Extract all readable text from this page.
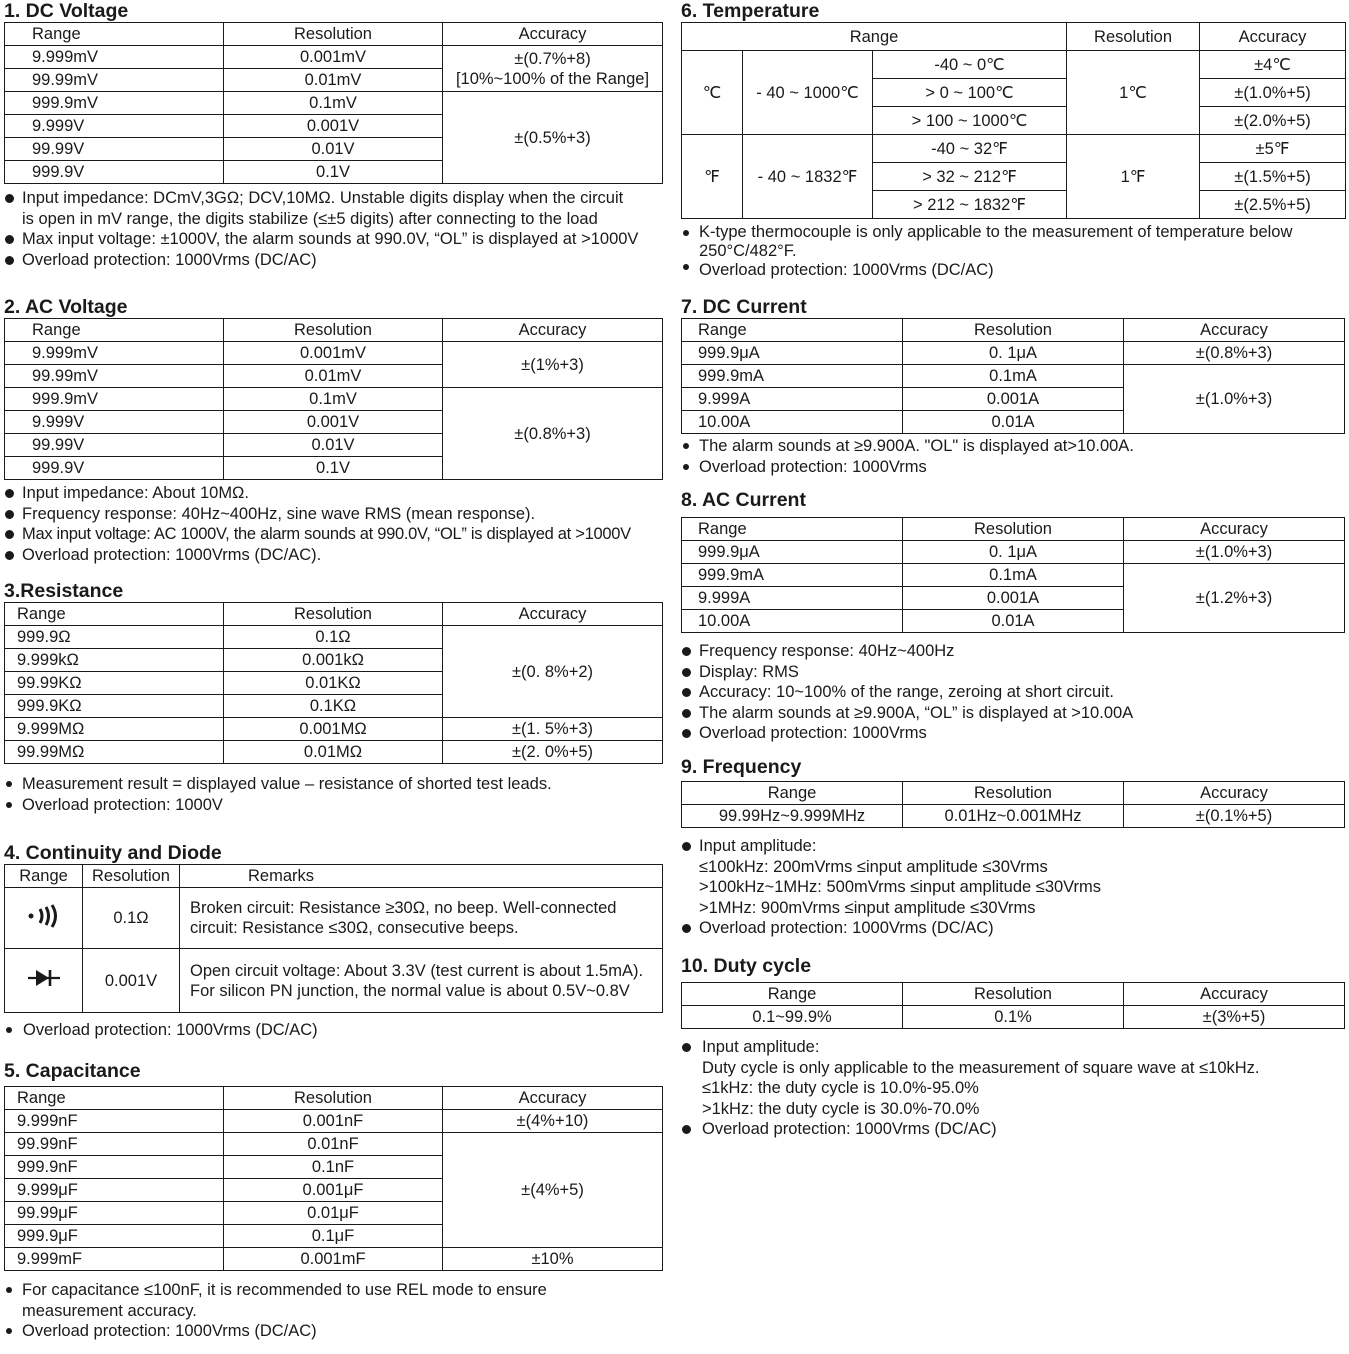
1. DC Voltage
Range	Resolution	Accuracy
9.999mV	0.001mV	±(0.7%+8)
[10%~100% of the Range]

99.99mV	0.01mV	
999.9mV	0.1mV	±(0.5%+3)
9.999V	0.001V	
99.99V	0.01V	
999.9V	0.1V	
Input impedance: DCmV,3GΩ; DCV,10MΩ. Unstable digits display when the circuit
is open in mV range, the digits stabilize (≤±5 digits) after connecting to the load
Max input voltage: ±1000V, the alarm sounds at 990.0V, “OL” is displayed at >1000V
Overload protection: 1000Vrms (DC/AC)
2. AC Voltage
Range	Resolution	Accuracy
9.999mV	0.001mV	±(1%+3)
99.99mV	0.01mV	
999.9mV	0.1mV	±(0.8%+3)
9.999V	0.001V	
99.99V	0.01V	
999.9V	0.1V	
Input impedance: About 10MΩ.
Frequency response: 40Hz~400Hz, sine wave RMS (mean response).
Max input voltage: AC 1000V, the alarm sounds at 990.0V, “OL” is displayed at >1000V
Overload protection: 1000Vrms (DC/AC).
3.Resistance
Range	Resolution	Accuracy
999.9Ω	0.1Ω	±(0. 8%+2)
9.999kΩ	0.001kΩ	
99.99KΩ	0.01KΩ	
999.9KΩ	0.1KΩ	
9.999MΩ	0.001MΩ	±(1. 5%+3)
99.99MΩ	0.01MΩ	±(2. 0%+5)
Measurement result = displayed value – resistance of shorted test leads.
Overload protection: 1000V
4. Continuity and Diode
Range	Resolution	Remarks
	0.1Ω	Broken circuit: Resistance ≥30Ω, no beep. Well-connected
circuit: Resistance ≤30Ω, consecutive beeps.

	0.001V	Open circuit voltage: About 3.3V (test current is about 1.5mA).
For silicon PN junction, the normal value is about 0.5V~0.8V
Overload protection: 1000Vrms (DC/AC)
5. Capacitance
Range	Resolution	Accuracy
9.999nF	0.001nF	±(4%+10)
99.99nF	0.01nF	±(4%+5)
999.9nF	0.1nF	
9.999μF	0.001μF	
99.99μF	0.01μF	
999.9μF	0.1μF	
9.999mF	0.001mF	±10%
For capacitance ≤100nF, it is recommended to use REL mode to ensure
measurement accuracy.
Overload protection: 1000Vrms (DC/AC)
6. Temperature
Range			Resolution	Accuracy
℃	- 40 ~ 1000℃	-40 ~ 0℃	1℃	±4℃
		> 0 ~ 100℃		±(1.0%+5)
		> 100 ~ 1000℃		±(2.0%+5)
℉	- 40 ~ 1832℉	-40 ~ 32℉	1℉	±5℉
		> 32 ~ 212℉		±(1.5%+5)
		> 212 ~ 1832℉		±(2.5%+5)
K-type thermocouple is only applicable to the measurement of temperature below
250°C/482°F.
Overload protection: 1000Vrms (DC/AC)
7. DC Current
Range	Resolution	Accuracy
999.9μA	0. 1μA	±(0.8%+3)
999.9mA	0.1mA	±(1.0%+3)
9.999A	0.001A	
10.00A	0.01A	
The alarm sounds at ≥9.900A. "OL" is displayed at>10.00A.
Overload protection: 1000Vrms
8. AC Current
Range	Resolution	Accuracy
999.9μA	0. 1μA	±(1.0%+3)
999.9mA	0.1mA	±(1.2%+3)
9.999A	0.001A	
10.00A	0.01A	
Frequency response: 40Hz~400Hz
Display: RMS
Accuracy: 10~100% of the range, zeroing at short circuit.
The alarm sounds at ≥9.900A, “OL” is displayed at >10.00A
Overload protection: 1000Vrms
9. Frequency
Range	Resolution	Accuracy
99.99Hz~9.999MHz	0.01Hz~0.001MHz	±(0.1%+5)
Input amplitude:
≤100kHz: 200mVrms ≤input amplitude ≤30Vrms
>100kHz~1MHz: 500mVrms ≤input amplitude ≤30Vrms
>1MHz: 900mVrms ≤input amplitude ≤30Vrms
Overload protection: 1000Vrms (DC/AC)
10. Duty cycle
Range	Resolution	Accuracy
0.1~99.9%	0.1%	±(3%+5)
Input amplitude:
Duty cycle is only applicable to the measurement of square wave at ≤10kHz.
≤1kHz: the duty cycle is 10.0%-95.0%
>1kHz: the duty cycle is 30.0%-70.0%
Overload protection: 1000Vrms (DC/AC)
